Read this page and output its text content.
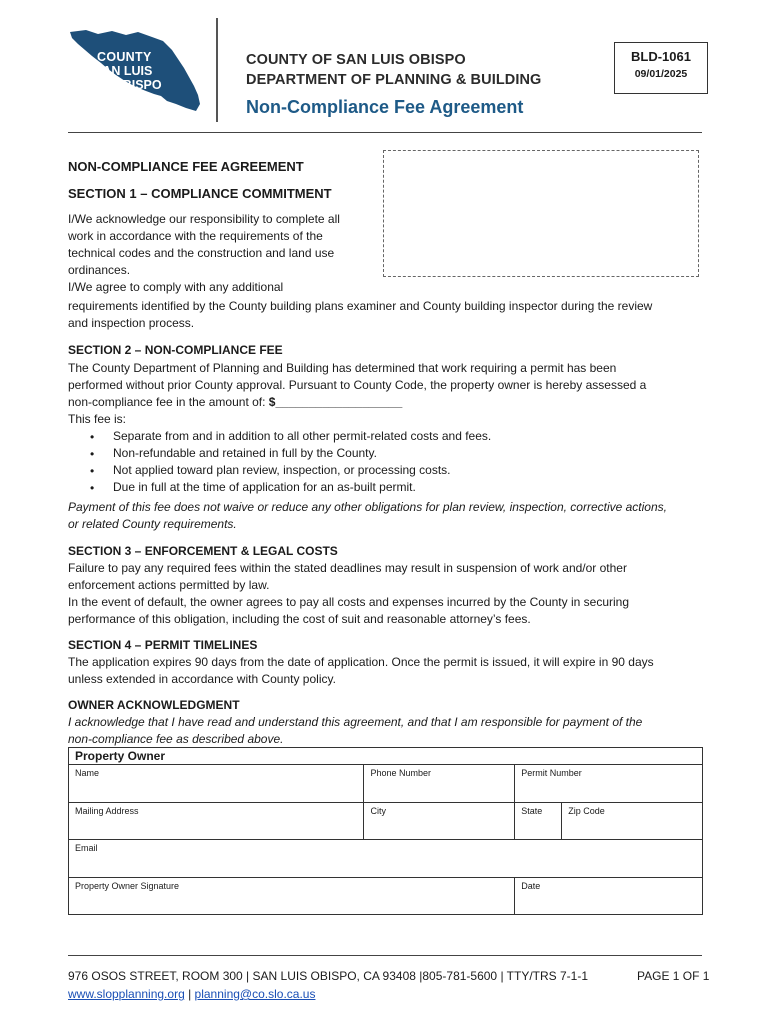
COUNTY
$^{of}$SAN LUIS
OBISPO
COUNTY OF SAN LUIS OBISPO
DEPARTMENT OF PLANNING & BUILDING
Non-Compliance Fee Agreement
BLD-1061
09/01/2025
NON-COMPLIANCE FEE AGREEMENT
SECTION 1 – COMPLIANCE COMMITMENT
I/We acknowledge our responsibility to complete all
work in accordance with the requirements of the
technical codes and the construction and land use
ordinances.
I/We agree to comply with any additional
requirements identified by the County building plans examiner and County building inspector during the review
and inspection process.
SECTION 2 – NON-COMPLIANCE FEE
The County Department of Planning and Building has determined that work requiring a permit has been
performed without prior County approval. Pursuant to County Code, the property owner is hereby assessed a
non-compliance fee in the amount of: $___________________
This fee is:
• Separate from and in addition to all other permit-related costs and fees.
• Non-refundable and retained in full by the County.
• Not applied toward plan review, inspection, or processing costs.
• Due in full at the time of application for an as-built permit.
Payment of this fee does not waive or reduce any other obligations for plan review, inspection, corrective actions,
or related County requirements.
SECTION 3 – ENFORCEMENT & LEGAL COSTS
Failure to pay any required fees within the stated deadlines may result in suspension of work and/or other
enforcement actions permitted by law.
In the event of default, the owner agrees to pay all costs and expenses incurred by the County in securing
performance of this obligation, including the cost of suit and reasonable attorney’s fees.
SECTION 4 – PERMIT TIMELINES
The application expires 90 days from the date of application. Once the permit is issued, it will expire in 90 days
unless extended in accordance with County policy.
OWNER ACKNOWLEDGMENT
I acknowledge that I have read and understand this agreement, and that I am responsible for payment of the
non-compliance fee as described above.
Property Owner			
Name	Phone Number	Permit Number	
Mailing Address	City	State	Zip Code
Email			
Property Owner Signature		Date	
976 OSOS STREET, ROOM 300 | SAN LUIS OBISPO, CA 93408 |805-781-5600 | TTY/TRS 7-1-1
www.slopplanning.org | planning@co.slo.ca.us
PAGE 1 OF 1
